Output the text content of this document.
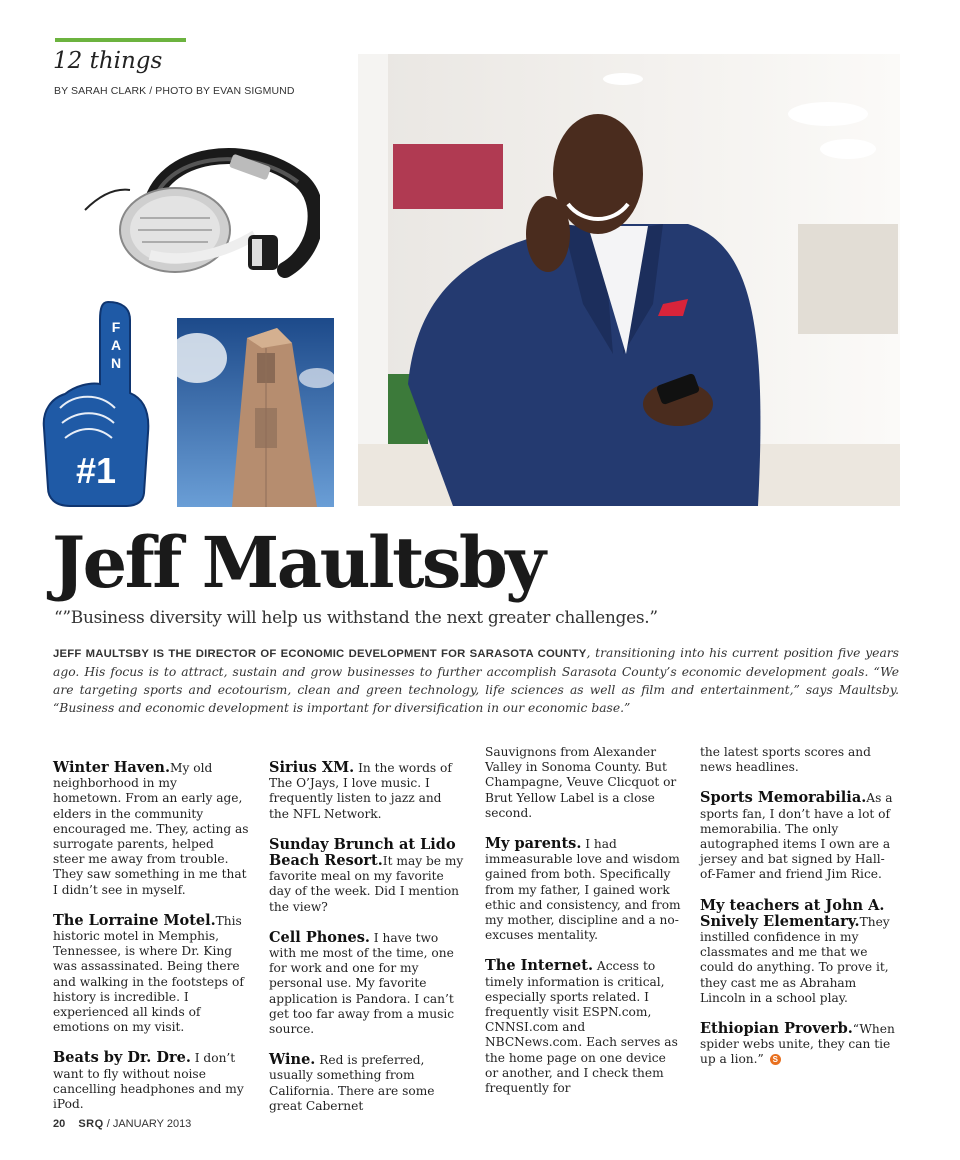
12 things
BY SARAH CLARK / PHOTO BY EVAN SIGMUND
F A N
#1
Jeff Maultsby
“”Business diversity will help us withstand the next greater challenges.”
JEFF MAULTSBY IS THE DIRECTOR OF ECONOMIC DEVELOPMENT FOR SARASOTA COUNTY, transitioning into his current position five years ago. His focus is to attract, sustain and grow businesses to further accomplish Sarasota County’s economic development goals. “We are targeting sports and ecotourism, clean and green technology, life sciences as well as film and entertainment,” says Maultsby. “Business and economic development is important for diversification in our economic base.”

Winter Haven.My old neighborhood in my hometown. From an early age, elders in the community encouraged me. They, acting as surrogate parents, helped steer me away from trouble. They saw something in me that I didn’t see in myself.

The Lorraine Motel.This historic motel in Memphis, Tennessee, is where Dr. King was assassinated. Being there and walking in the footsteps of history is incredible. I experienced all kinds of emotions on my visit.

Beats by Dr. Dre. I don’t want to fly without noise cancelling headphones and my iPod.

Sirius XM. In the words of The O’Jays, I love music. I frequently listen to jazz and the NFL Network.

Sunday Brunch at Lido Beach Resort.It may be my favorite meal on my favorite day of the week. Did I mention the view?

Cell Phones. I have two with me most of the time, one for work and one for my personal use. My favorite application is Pandora. I can’t get too far away from a music source.

Wine. Red is preferred, usually something from California. There are some great Cabernet

Sauvignons from Alexander Valley in Sonoma County. But Champagne, Veuve Clicquot or Brut Yellow Label is a close second.

My parents. I had immeasurable love and wisdom gained from both. Specifically from my father, I gained work ethic and consistency, and from my mother, discipline and a no-excuses mentality.

The Internet. Access to timely information is critical, especially sports related. I frequently visit ESPN.com, CNNSI.com and NBCNews.com. Each serves as the home page on one device or another, and I check them frequently for

the latest sports scores and news headlines.

Sports Memorabilia.As a sports fan, I don’t have a lot of memorabilia. The only autographed items I own are a jersey and bat signed by Hall-of-Famer and friend Jim Rice.

My teachers at John A. Snively Elementary.They instilled confidence in my classmates and me that we could do anything. To prove it, they cast me as Abraham Lincoln in a school play.

Ethiopian Proverb.“When spider webs unite, they can tie up a lion.” S

20 SRQ / JANUARY 2013
